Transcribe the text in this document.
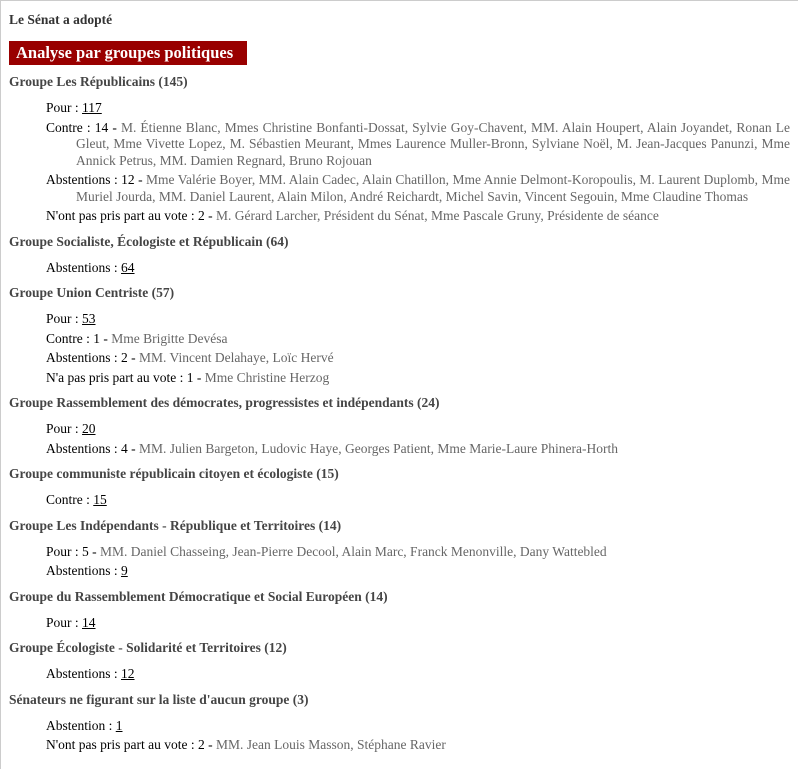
Le Sénat a adopté

Analyse par groupes politiques
Groupe Les Républicains (145)

Pour : 117

Contre : 14 - M. Étienne Blanc, Mmes Christine Bonfanti-Dossat, Sylvie Goy-Chavent, MM. Alain Houpert, Alain Joyandet, Ronan Le Gleut, Mme Vivette Lopez, M. Sébastien Meurant, Mmes Laurence Muller-Bronn, Sylviane Noël, M. Jean-Jacques Panunzi, Mme Annick Petrus, MM. Damien Regnard, Bruno Rojouan

Abstentions : 12 - Mme Valérie Boyer, MM. Alain Cadec, Alain Chatillon, Mme Annie Delmont-Koropoulis, M. Laurent Duplomb, Mme Muriel Jourda, MM. Daniel Laurent, Alain Milon, André Reichardt, Michel Savin, Vincent Segouin, Mme Claudine Thomas

N'ont pas pris part au vote : 2 - M. Gérard Larcher, Président du Sénat, Mme Pascale Gruny, Présidente de séance

Groupe Socialiste, Écologiste et Républicain (64)

Abstentions : 64

Groupe Union Centriste (57)

Pour : 53

Contre : 1 - Mme Brigitte Devésa

Abstentions : 2 - MM. Vincent Delahaye, Loïc Hervé

N'a pas pris part au vote : 1 - Mme Christine Herzog

Groupe Rassemblement des démocrates, progressistes et indépendants (24)

Pour : 20

Abstentions : 4 - MM. Julien Bargeton, Ludovic Haye, Georges Patient, Mme Marie-Laure Phinera-Horth

Groupe communiste républicain citoyen et écologiste (15)

Contre : 15

Groupe Les Indépendants - République et Territoires (14)

Pour : 5 - MM. Daniel Chasseing, Jean-Pierre Decool, Alain Marc, Franck Menonville, Dany Wattebled

Abstentions : 9

Groupe du Rassemblement Démocratique et Social Européen (14)

Pour : 14

Groupe Écologiste - Solidarité et Territoires (12)

Abstentions : 12

Sénateurs ne figurant sur la liste d'aucun groupe (3)

Abstention : 1

N'ont pas pris part au vote : 2 - MM. Jean Louis Masson, Stéphane Ravier
